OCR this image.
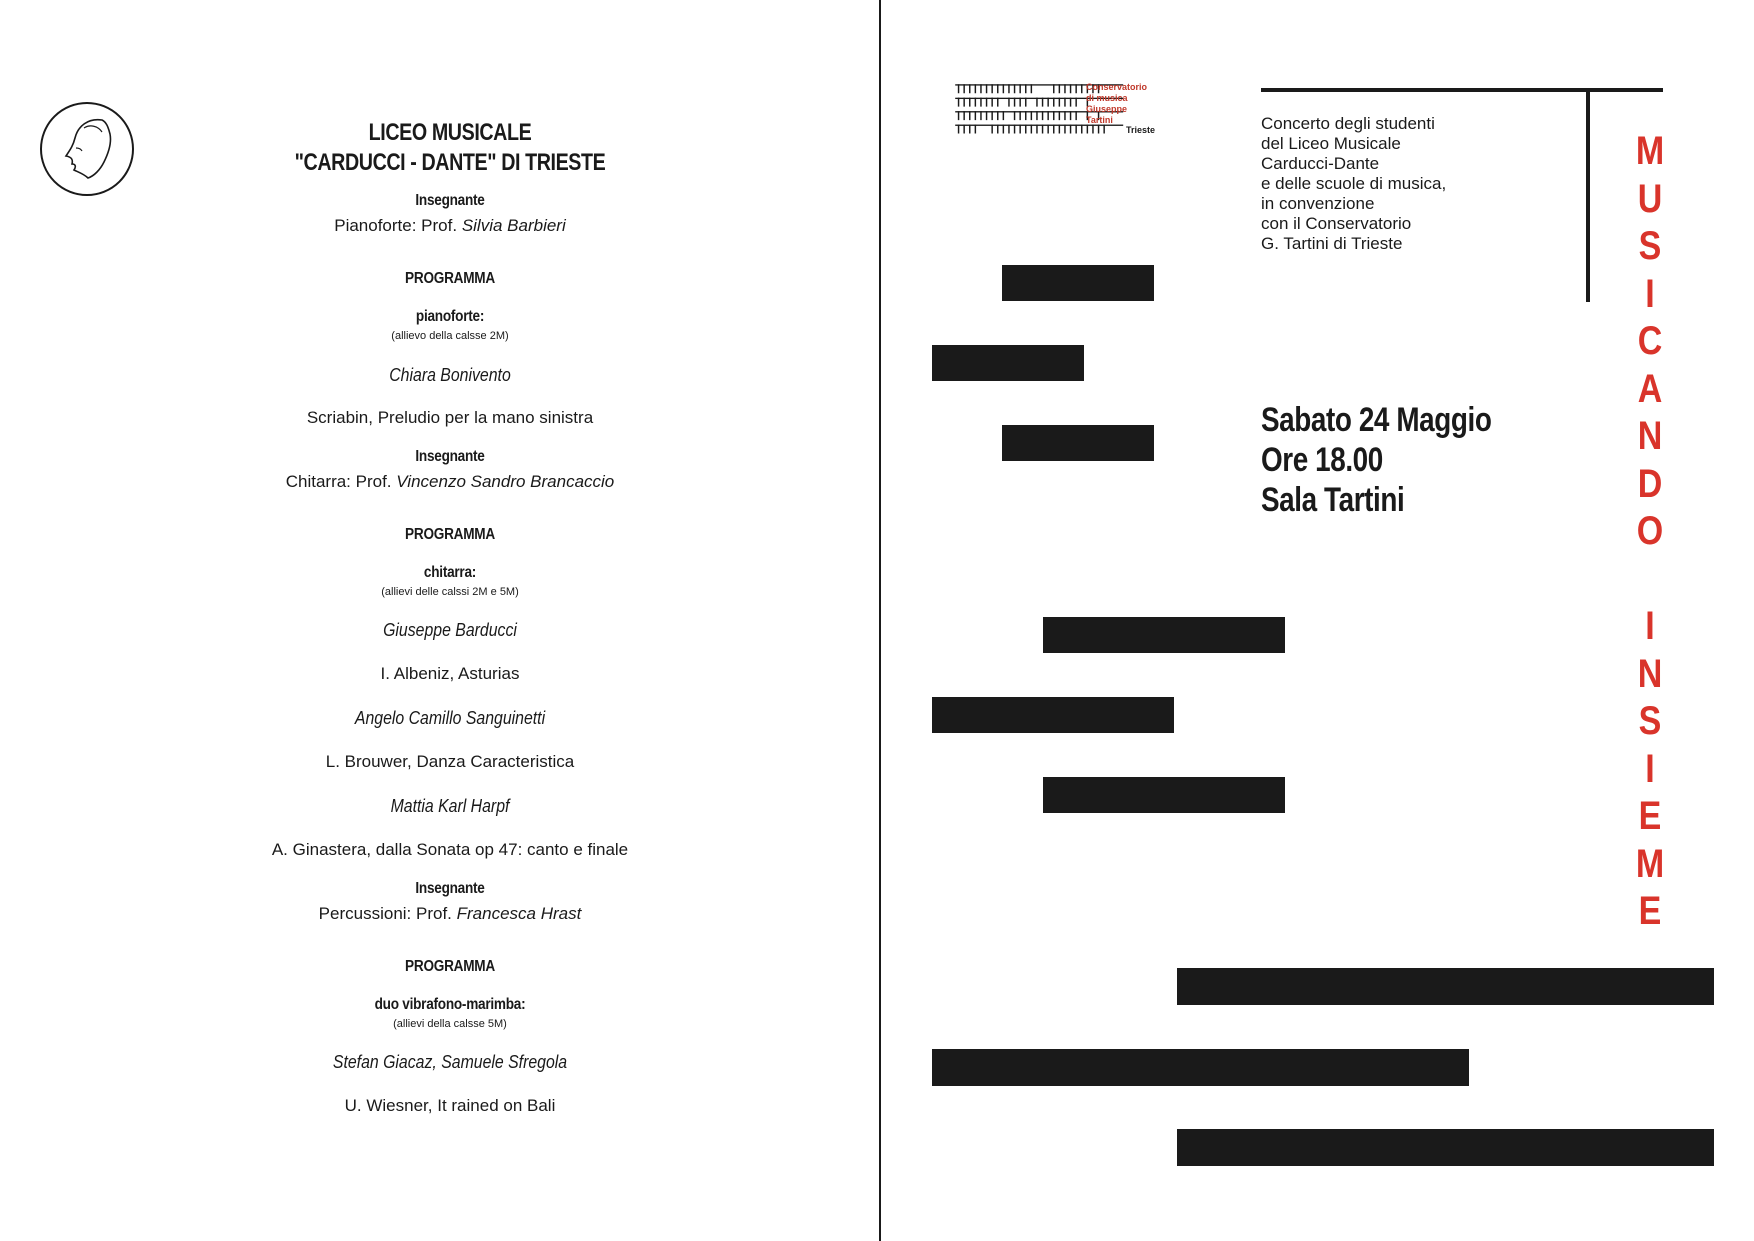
LICEO MUSICALE
"CARDUCCI - DANTE" DI TRIESTE
Insegnante
Pianoforte: Prof. Silvia Barbieri
PROGRAMMA
pianoforte:
(allievo della calsse 2M)
Chiara Bonivento
Scriabin, Preludio per la mano sinistra
Insegnante
Chitarra: Prof. Vincenzo Sandro Brancaccio
PROGRAMMA
chitarra:
(allievi delle calssi 2M e 5M)
Giuseppe Barducci
I. Albeniz, Asturias
Angelo Camillo Sanguinetti
L. Brouwer, Danza Caracteristica
Mattia Karl Harpf
A. Ginastera, dalla Sonata op 47: canto e finale
Insegnante
Percussioni: Prof. Francesca Hrast
PROGRAMMA
duo vibrafono-marimba:
(allievi della calsse 5M)
Stefan Giacaz, Samuele Sfregola
U. Wiesner, It rained on Bali
Conservatorio
di musica
Giuseppe
Tartini
Trieste	Concerto degli studenti
del Liceo Musicale
Carducci-Dante
e delle scuole di musica,
in convenzione
con il Conservatorio
G. Tartini di Trieste
Sabato 24 Maggio
Ore 18.00
Sala Tartini
M
U
S
I
C
A
N
D
O
I
N
S
I
E
M
E
